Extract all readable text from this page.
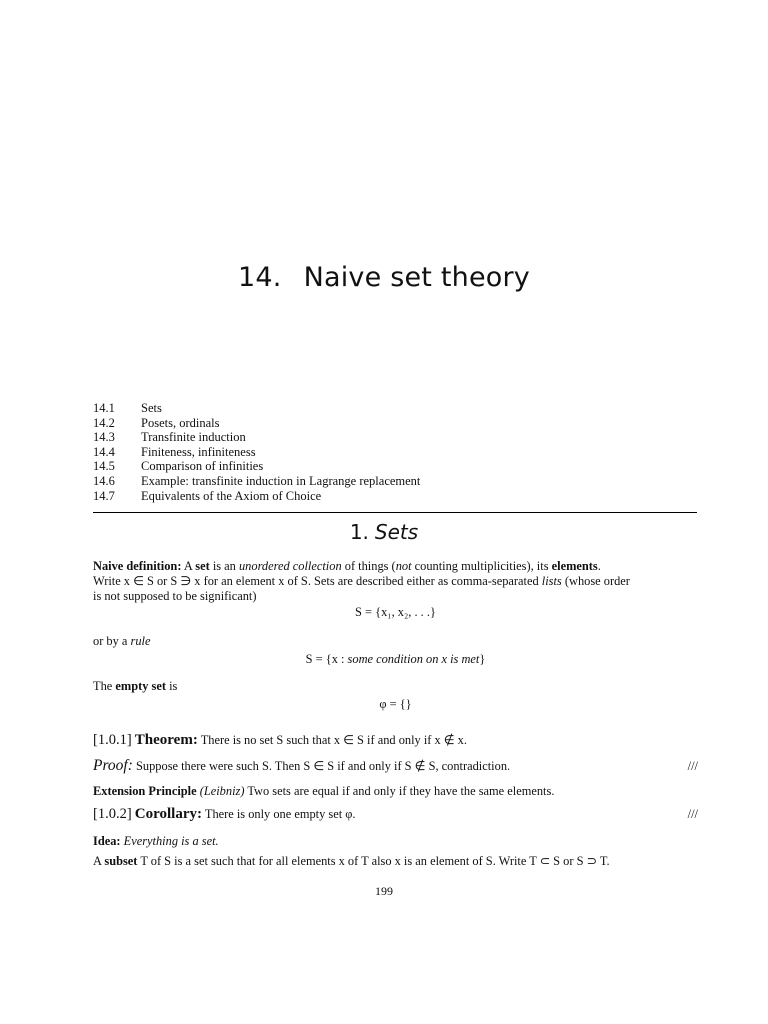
14. Naive set theory
14.1	Sets
14.2	Posets, ordinals
14.3	Transfinite induction
14.4	Finiteness, infiniteness
14.5	Comparison of infinities
14.6	Example: transfinite induction in Lagrange replacement
14.7	Equivalents of the Axiom of Choice
1. Sets

Naive definition: A set is an unordered collection of things (not counting multiplicities), its elements.

Write x ∈ S or S ∋ x for an element x of S. Sets are described either as comma-separated lists (whose order

is not supposed to be significant)

S = {x₁, x₂, . . .}

or by a rule

S = {x : some condition on x is met}

The empty set is

φ = {}

[1.0.1] Theorem: There is no set S such that x ∈ S if and only if x ∉ x.

Proof: Suppose there were such S. Then S ∈ S if and only if S ∉ S, contradiction.	///

Extension Principle (Leibniz) Two sets are equal if and only if they have the same elements.

[1.0.2] Corollary: There is only one empty set φ.	///

Idea: Everything is a set.

A subset T of S is a set such that for all elements x of T also x is an element of S. Write T ⊂ S or S ⊃ T.

199
